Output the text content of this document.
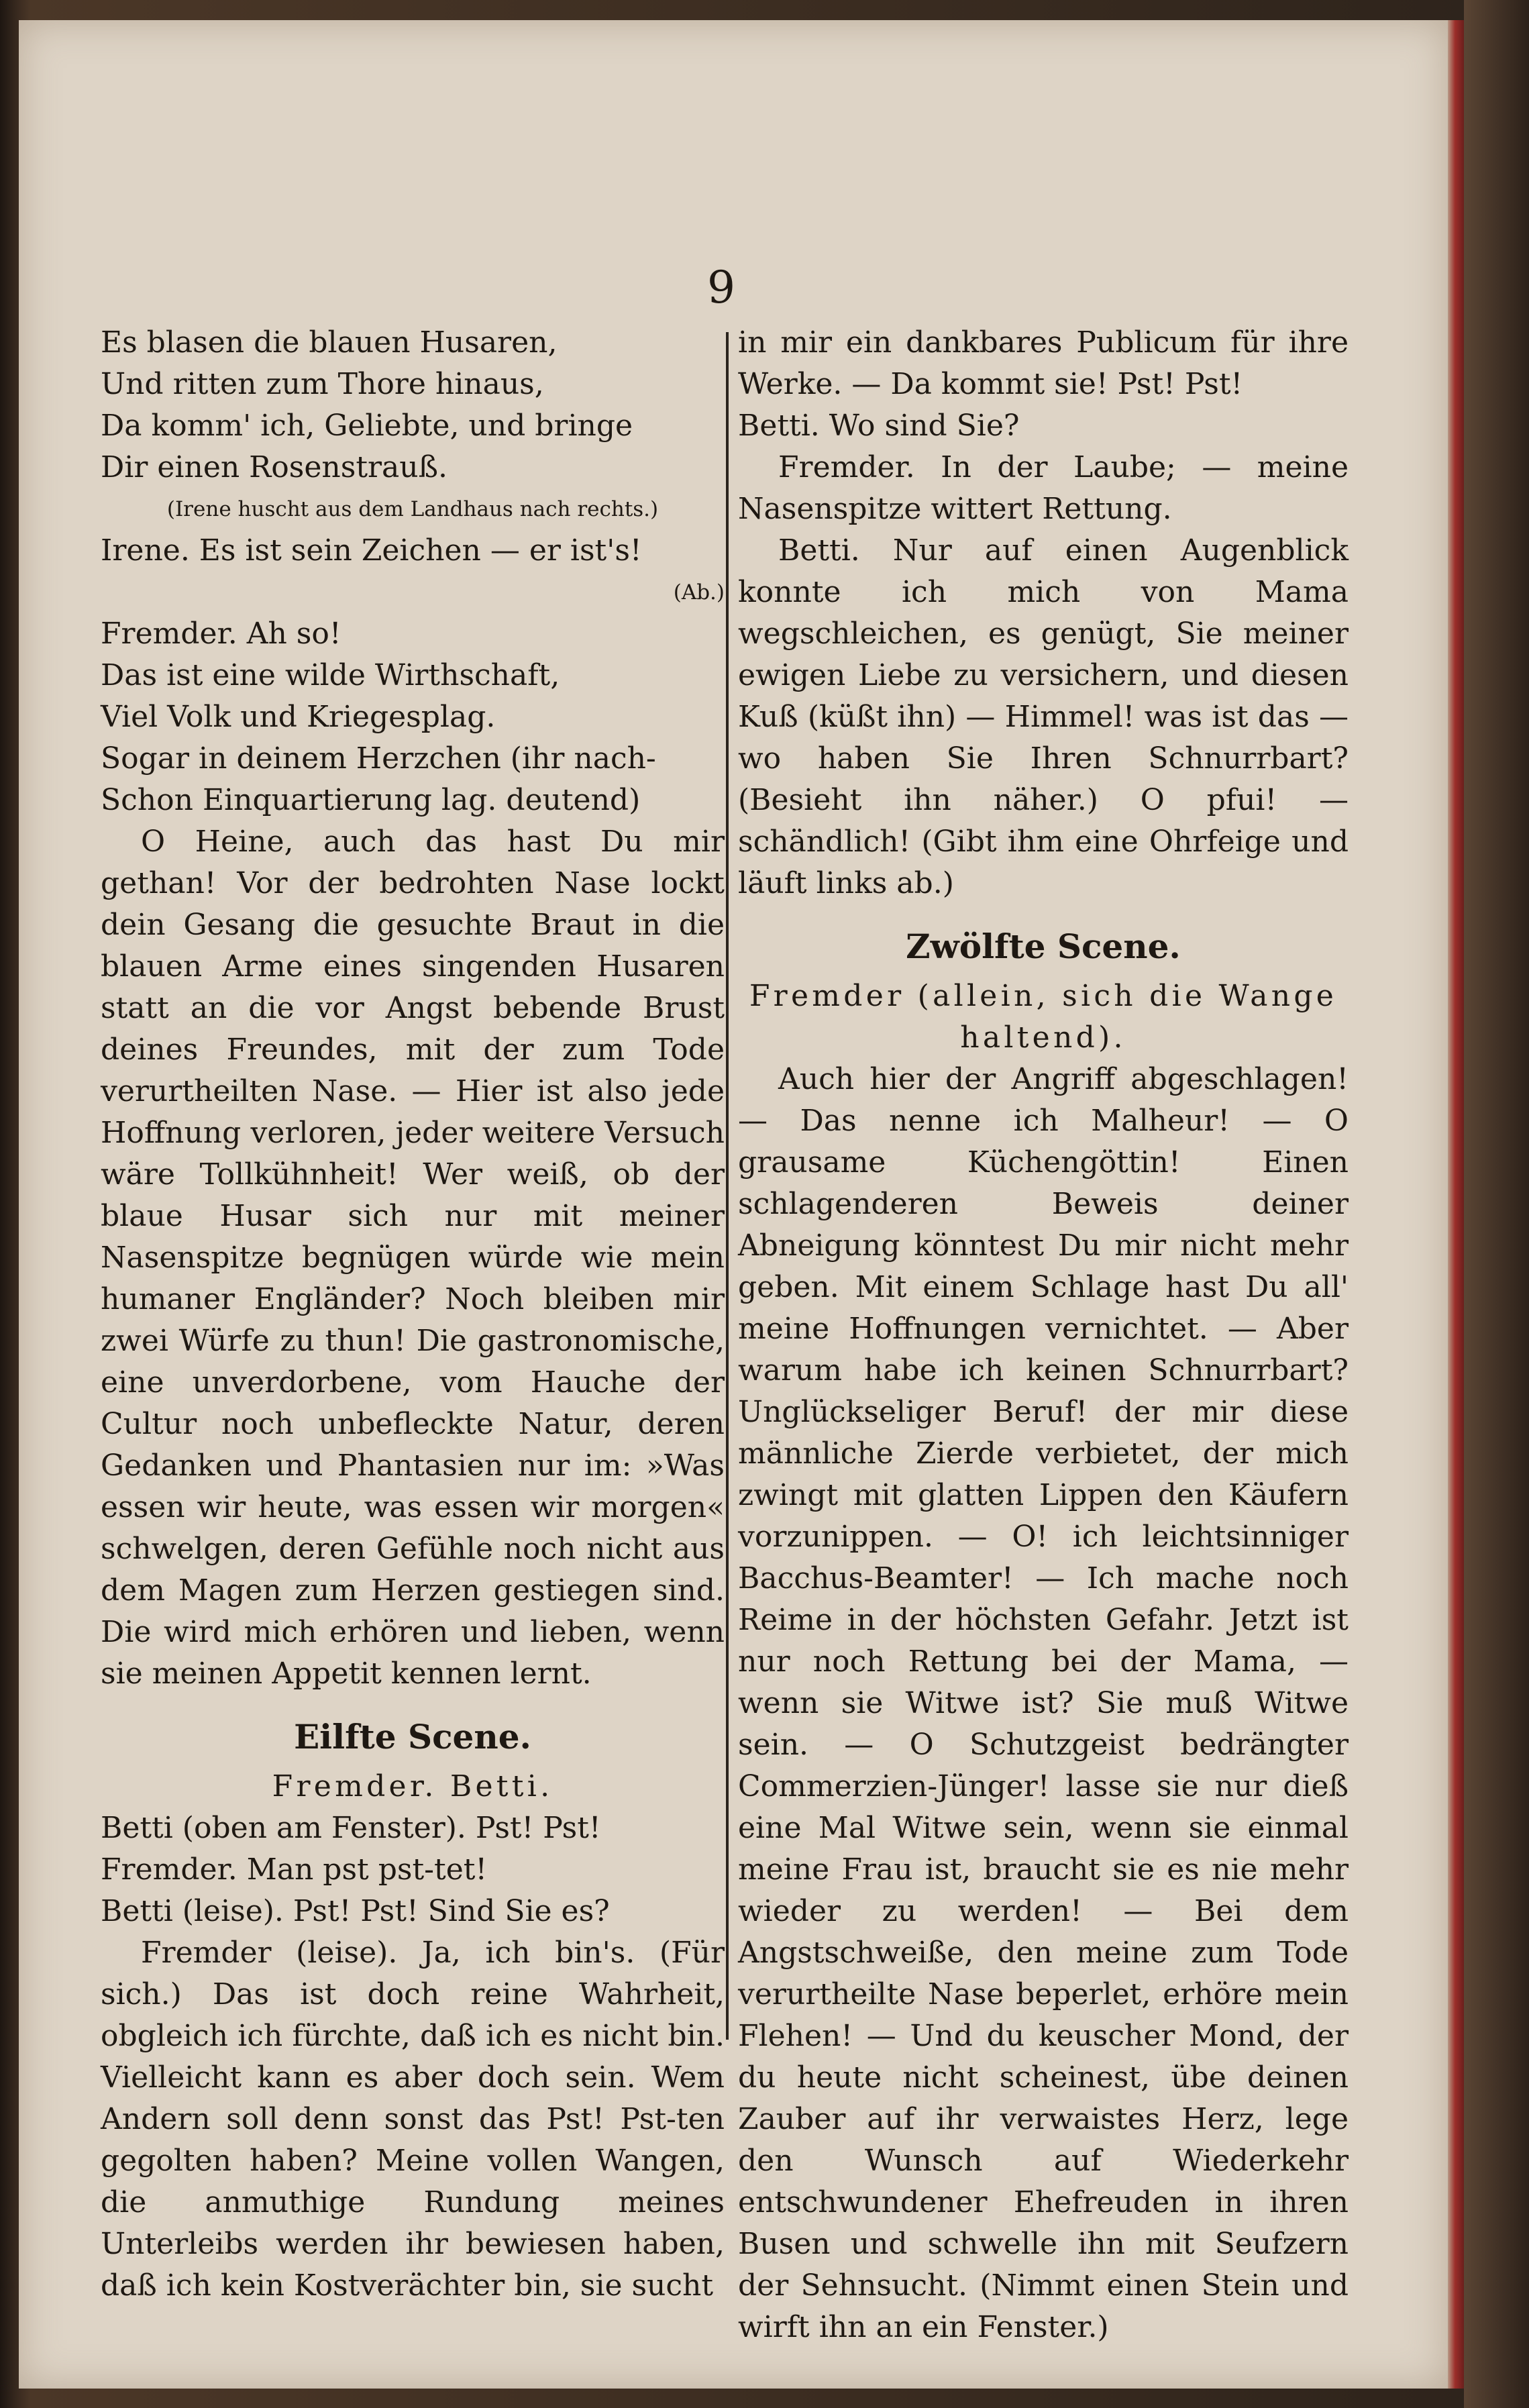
9

Es blasen die blauen Husaren,

Und ritten zum Thore hinaus,

Da komm' ich, Geliebte, und bringe

Dir einen Rosenstrauß.

(Irene huscht aus dem Landhaus nach rechts.)

Irene. Es ist sein Zeichen — er ist's!

(Ab.)

Fremder. Ah so!

Das ist eine wilde Wirthschaft,

Viel Volk und Kriegesplag.

Sogar in deinem Herzchen (ihr nach-

Schon Einquartierung lag. deutend)

O Heine, auch das hast Du mir gethan! Vor der bedrohten Nase lockt dein Gesang die gesuchte Braut in die blauen Arme eines singenden Husaren statt an die vor Angst bebende Brust deines Freundes, mit der zum Tode verurtheilten Nase. — Hier ist also jede Hoffnung verloren, jeder weitere Versuch wäre Tollkühnheit! Wer weiß, ob der blaue Husar sich nur mit meiner Nasenspitze begnügen würde wie mein humaner Engländer? Noch bleiben mir zwei Würfe zu thun! Die gastronomische, eine unverdorbene, vom Hauche der Cultur noch unbefleckte Natur, deren Gedanken und Phantasien nur im: »Was essen wir heute, was essen wir morgen« schwelgen, deren Gefühle noch nicht aus dem Magen zum Herzen gestiegen sind. Die wird mich erhören und lieben, wenn sie meinen Appetit kennen lernt.

Eilfte Scene.

Fremder. Betti.

Betti (oben am Fenster). Pst! Pst!

Fremder. Man pst pst-tet!

Betti (leise). Pst! Pst! Sind Sie es?

Fremder (leise). Ja, ich bin's. (Für sich.) Das ist doch reine Wahrheit, obgleich ich fürchte, daß ich es nicht bin. Vielleicht kann es aber doch sein. Wem Andern soll denn sonst das Pst! Pst-ten gegolten haben? Meine vollen Wangen, die anmuthige Rundung meines Unterleibs werden ihr bewiesen haben, daß ich kein Kostverächter bin, sie sucht

in mir ein dankbares Publicum für ihre Werke. — Da kommt sie! Pst! Pst!

Betti. Wo sind Sie?

Fremder. In der Laube; — meine Nasenspitze wittert Rettung.

Betti. Nur auf einen Augenblick konnte ich mich von Mama wegschleichen, es genügt, Sie meiner ewigen Liebe zu versichern, und diesen Kuß (küßt ihn) — Himmel! was ist das — wo haben Sie Ihren Schnurrbart? (Besieht ihn näher.) O pfui! — schändlich! (Gibt ihm eine Ohrfeige und läuft links ab.)

Zwölfte Scene.

Fremder (allein, sich die Wange haltend).

Auch hier der Angriff abgeschlagen! — Das nenne ich Malheur! — O grausame Küchengöttin! Einen schlagenderen Beweis deiner Abneigung könntest Du mir nicht mehr geben. Mit einem Schlage hast Du all' meine Hoffnungen vernichtet. — Aber warum habe ich keinen Schnurrbart? Unglückseliger Beruf! der mir diese männliche Zierde verbietet, der mich zwingt mit glatten Lippen den Käufern vorzunippen. — O! ich leichtsinniger Bacchus-Beamter! — Ich mache noch Reime in der höchsten Gefahr. Jetzt ist nur noch Rettung bei der Mama, — wenn sie Witwe ist? Sie muß Witwe sein. — O Schutzgeist bedrängter Commerzien-Jünger! lasse sie nur dieß eine Mal Witwe sein, wenn sie einmal meine Frau ist, braucht sie es nie mehr wieder zu werden! — Bei dem Angstschweiße, den meine zum Tode verurtheilte Nase beperlet, erhöre mein Flehen! — Und du keuscher Mond, der du heute nicht scheinest, übe deinen Zauber auf ihr verwaistes Herz, lege den Wunsch auf Wiederkehr entschwundener Ehefreuden in ihren Busen und schwelle ihn mit Seufzern der Sehnsucht. (Nimmt einen Stein und wirft ihn an ein Fenster.)
